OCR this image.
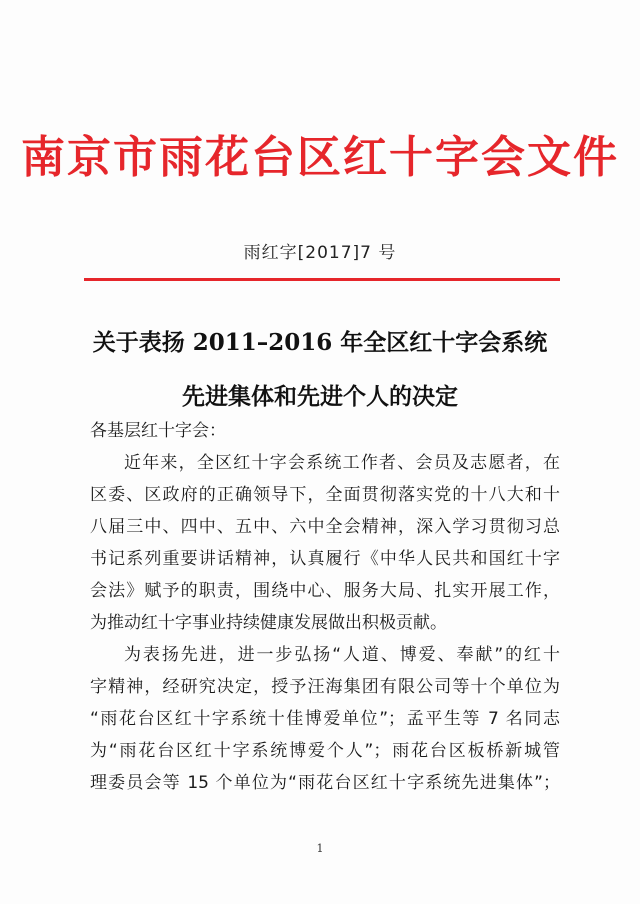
南京市雨花台区红十字会文件
雨红字[2017]7 号
关于表扬 2011–2016 年全区红十字会系统
先进集体和先进个人的决定
各基层红十字会：
近年来，全区红十字会系统工作者、会员及志愿者，在
区委、区政府的正确领导下，全面贯彻落实党的十八大和十
八届三中、四中、五中、六中全会精神，深入学习贯彻习总
书记系列重要讲话精神，认真履行《中华人民共和国红十字
会法》赋予的职责，围绕中心、服务大局、扎实开展工作，
为推动红十字事业持续健康发展做出积极贡献。
为表扬先进，进一步弘扬“人道、博爱、奉献”的红十
字精神，经研究决定，授予汪海集团有限公司等十个单位为
“雨花台区红十字系统十佳博爱单位”；孟平生等 7 名同志
为“雨花台区红十字系统博爱个人”；雨花台区板桥新城管
理委员会等 15 个单位为“雨花台区红十字系统先进集体”；
1
